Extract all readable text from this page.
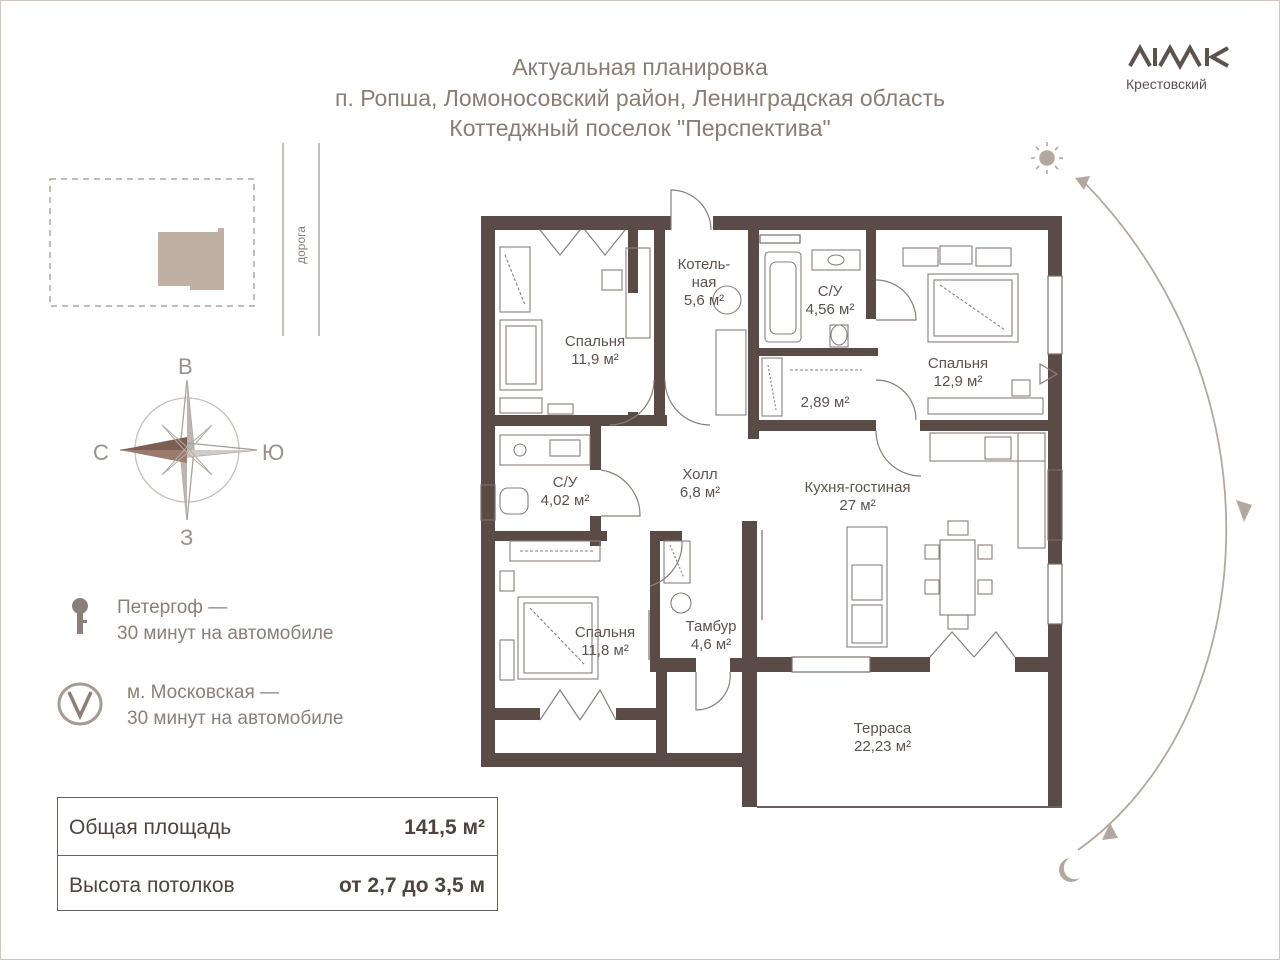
Актуальная планировка
п. Ропша, Ломоносовский район, Ленинградская область
Коттеджный поселок "Перспектива"
дорога
Крестовский
В
З
С	Ю
Петергоф —
30 минут на автомобиле
м. Московская —
30 минут на автомобиле
Спальня
11,9 м²
Котель-
ная
5,6 м²
С/У
4,56 м²
Спальня
12,9 м²
2,89 м²
С/У
4,02 м²
Холл
6,8 м²	Кухня-гостиная
27 м²
Спальня
11,8 м²
Тамбур
4,6 м²
Терраса
22,23 м²
Общая площадь	141,5 м²
Высота потолков	от 2,7 до 3,5 м
